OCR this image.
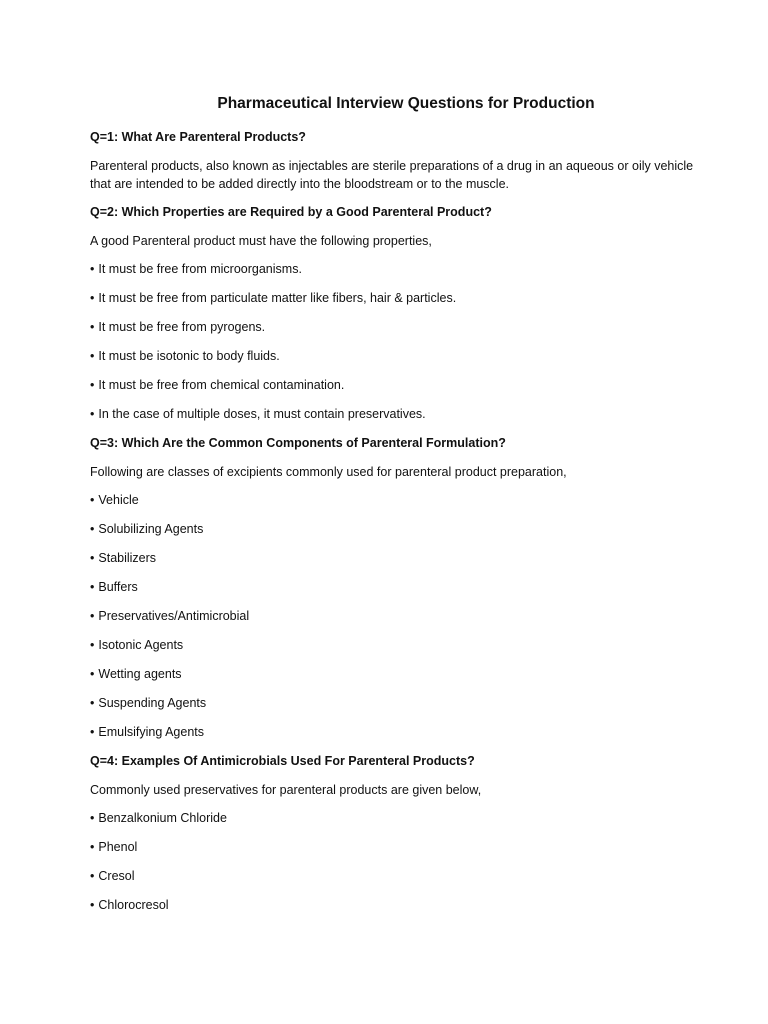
Pharmaceutical Interview Questions for Production
Q=1: What Are Parenteral Products?
Parenteral products, also known as injectables are sterile preparations of a drug in an aqueous or oily vehicle that are intended to be added directly into the bloodstream or to the muscle.
Q=2: Which Properties are Required by a Good Parenteral Product?
A good Parenteral product must have the following properties,
• It must be free from microorganisms.
• It must be free from particulate matter like fibers, hair & particles.
• It must be free from pyrogens.
• It must be isotonic to body fluids.
• It must be free from chemical contamination.
• In the case of multiple doses, it must contain preservatives.
Q=3: Which Are the Common Components of Parenteral Formulation?
Following are classes of excipients commonly used for parenteral product preparation,
• Vehicle
• Solubilizing Agents
• Stabilizers
• Buffers
• Preservatives/Antimicrobial
• Isotonic Agents
• Wetting agents
• Suspending Agents
• Emulsifying Agents
Q=4: Examples Of Antimicrobials Used For Parenteral Products?
Commonly used preservatives for parenteral products are given below,
• Benzalkonium Chloride
• Phenol
• Cresol
• Chlorocresol
